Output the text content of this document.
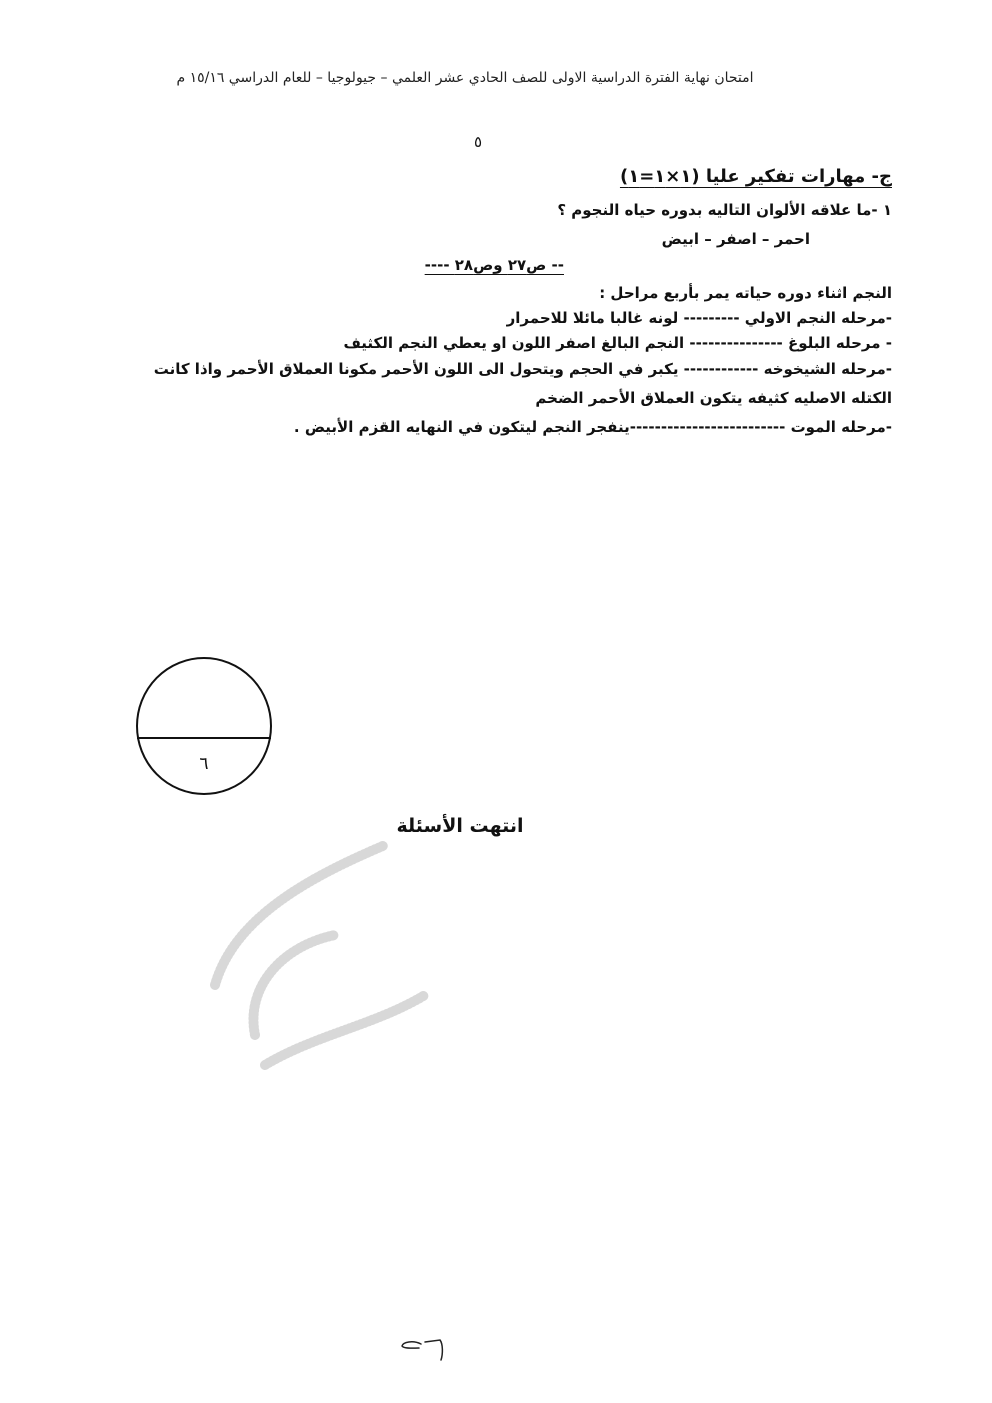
امتحان نهاية الفترة الدراسية الاولى للصف الحادي عشر العلمي – جيولوجيا – للعام الدراسي ١٥/١٦ م
٥
ج- مهارات تفكير عليا (١×١=١)
١ -ما علاقه الألوان التاليه بدوره حياه النجوم ؟
احمر – اصفر – ابيض
-- ص٢٧ وص٢٨ ----
النجم اثناء دوره حياته يمر بأربع مراحل :
-مرحله النجم الاولي --------- لونه غالبا مائلا للاحمرار
- مرحله البلوغ --------------- النجم البالغ اصفر اللون او يعطي النجم الكثيف
-مرحله الشيخوخه ------------ يكبر في الحجم ويتحول الى اللون الأحمر مكونا العملاق الأحمر واذا كانت
الكتله الاصليه كثيفه يتكون العملاق الأحمر الضخم
-مرحله الموت -------------------------ينفجر النجم ليتكون في النهايه القزم الأبيض .
٦
انتهت الأسئلة
